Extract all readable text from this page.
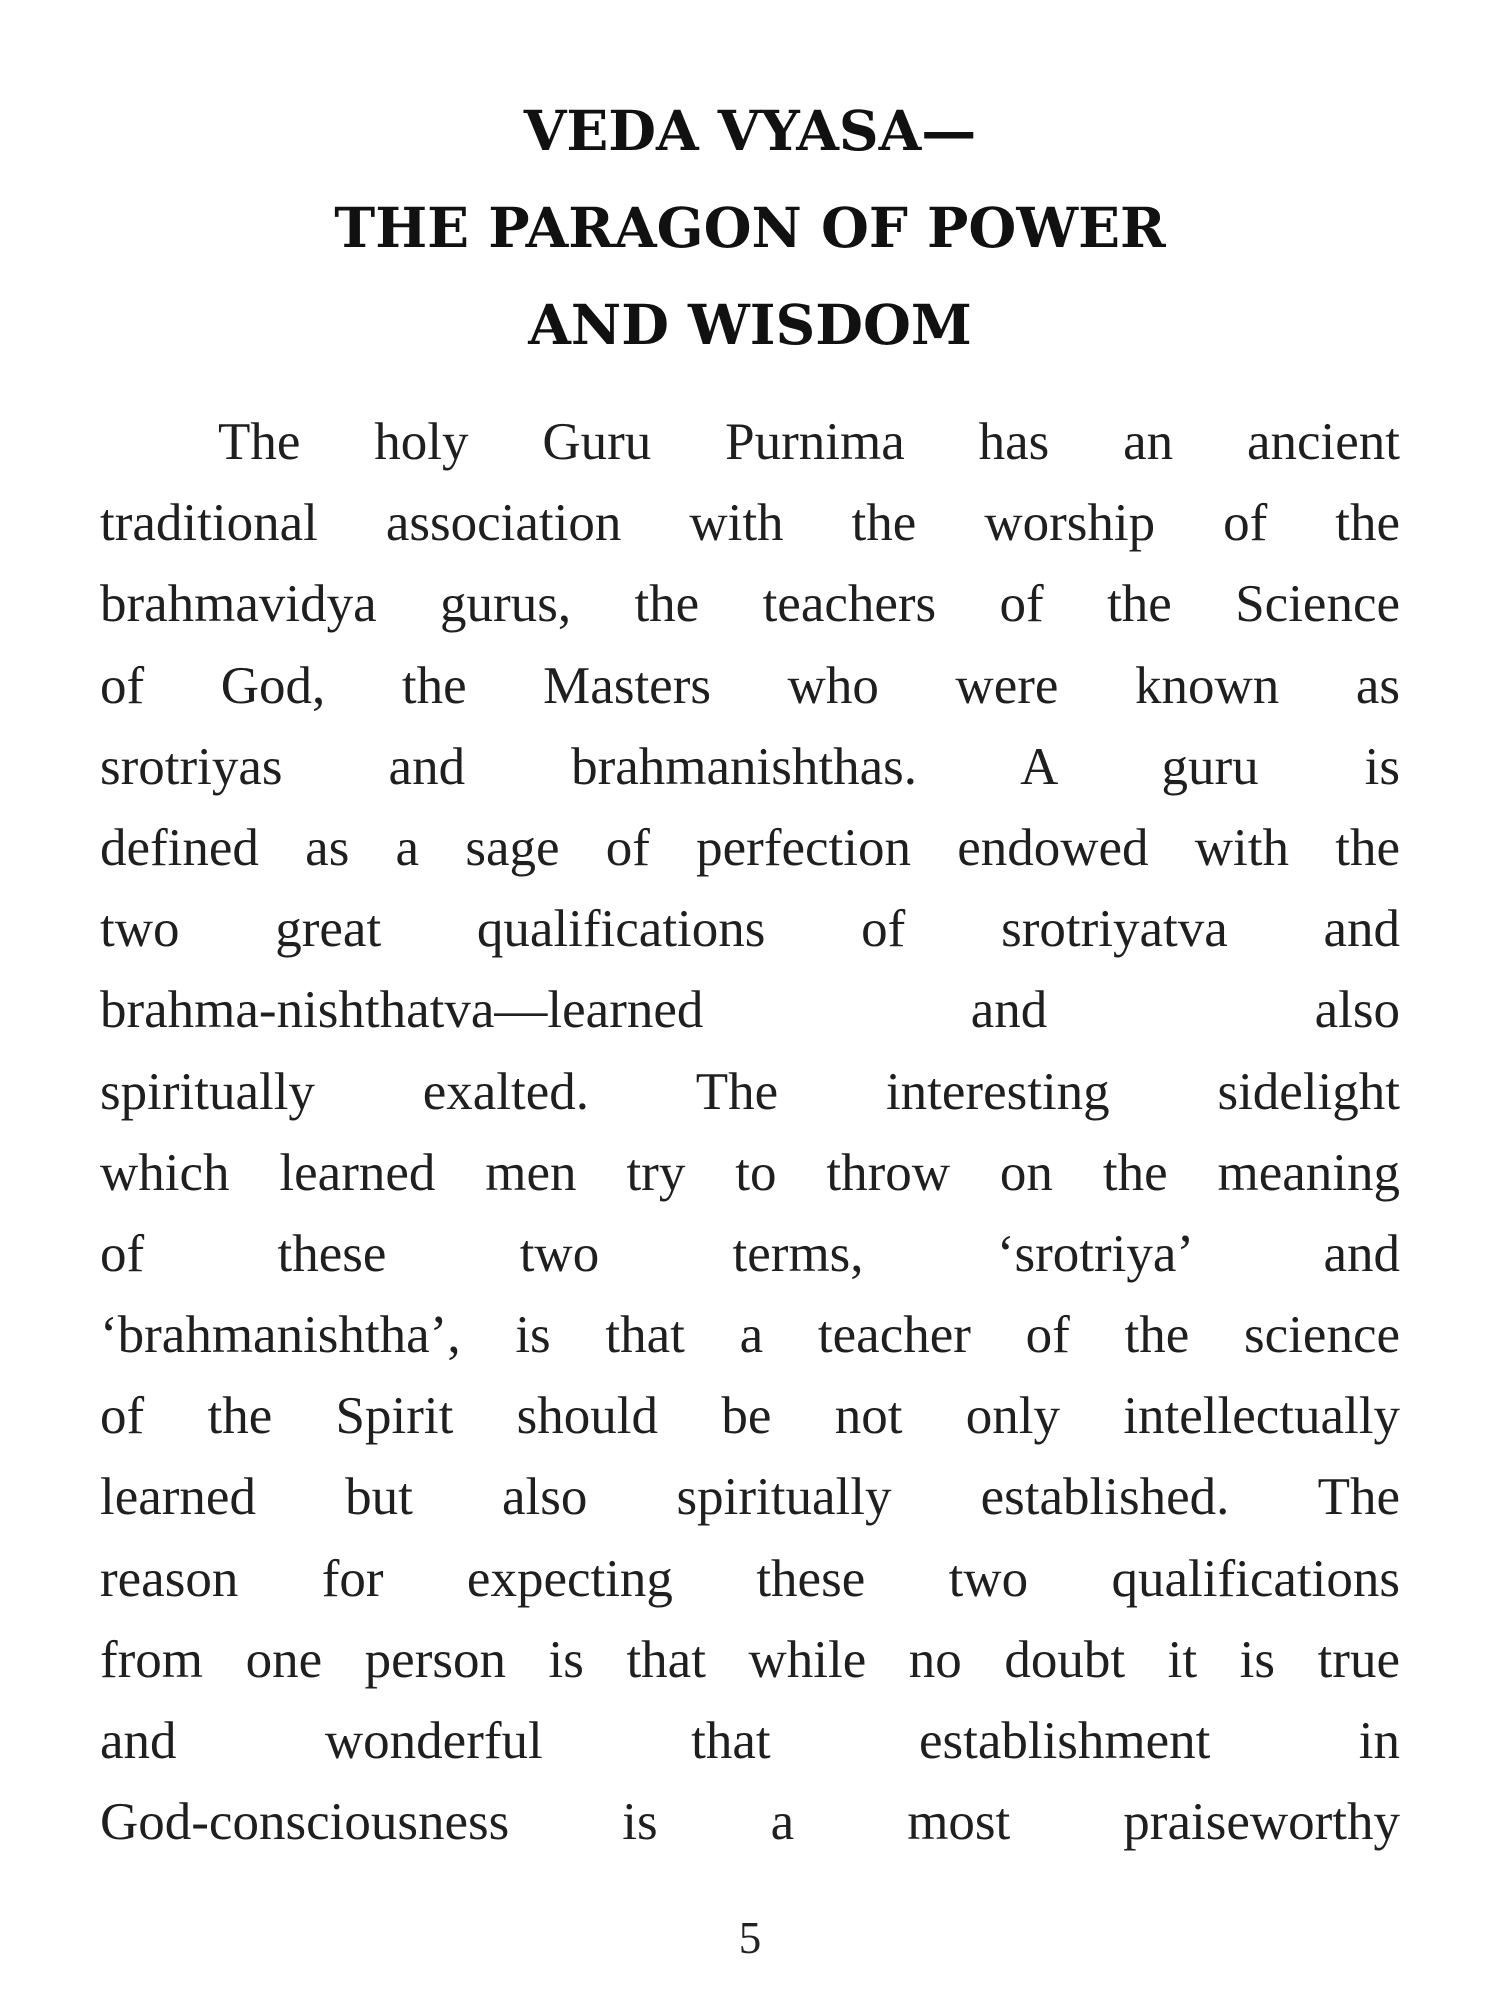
VEDA VYASA—
THE PARAGON OF POWER
AND WISDOM
The holy Guru Purnima has an ancient
traditional association with the worship of the
brahmavidya gurus, the teachers of the Science
of God, the Masters who were known as
srotriyas and brahmanishthas. A guru is
defined as a sage of perfection endowed with the
two great qualifications of srotriyatva and
brahma-nishthatva—learned and also
spiritually exalted. The interesting sidelight
which learned men try to throw on the meaning
of these two terms, ‘srotriya’ and
‘brahmanishtha’, is that a teacher of the science
of the Spirit should be not only intellectually
learned but also spiritually established. The
reason for expecting these two qualifications
from one person is that while no doubt it is true
and wonderful that establishment in
God-consciousness is a most praiseworthy
5
